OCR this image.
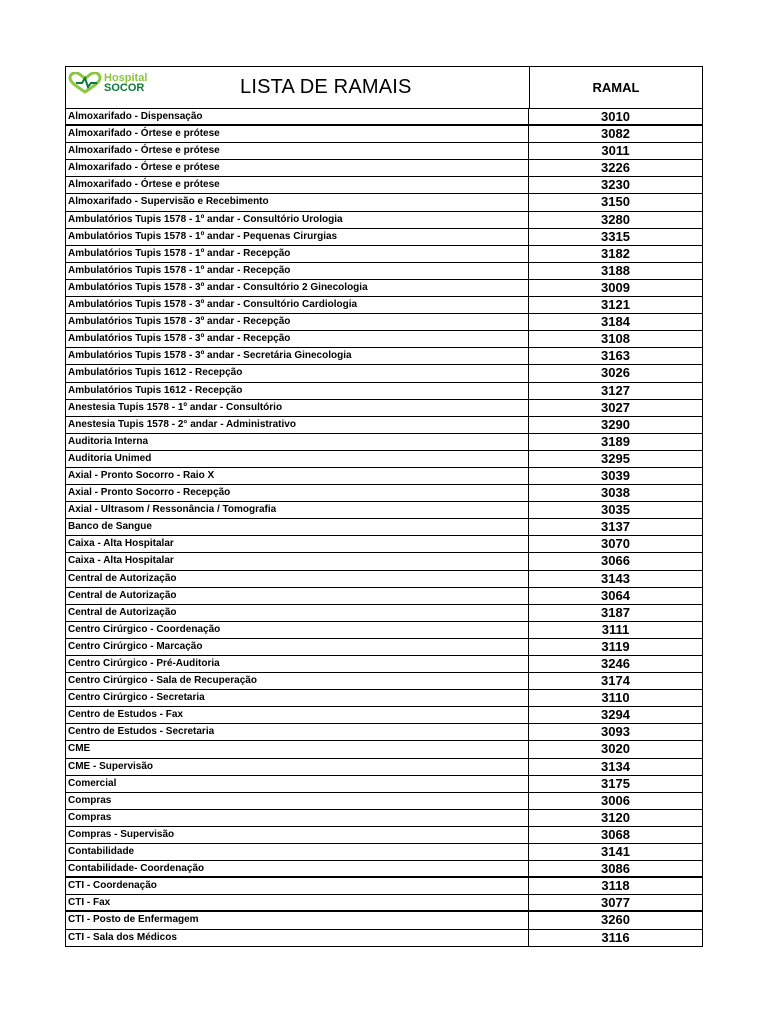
Hospital
SOCOR	LISTA DE RAMAIS	RAMAL
Almoxarifado - Dispensação	3010
Almoxarifado - Órtese e prótese	3082
Almoxarifado - Órtese e prótese	3011
Almoxarifado - Órtese e prótese	3226
Almoxarifado - Órtese e prótese	3230
Almoxarifado - Supervisão e Recebimento	3150
Ambulatórios Tupis 1578 - 1º andar - Consultório Urologia	3280
Ambulatórios Tupis 1578 - 1º andar - Pequenas Cirurgias	3315
Ambulatórios Tupis 1578 - 1º andar - Recepção	3182
Ambulatórios Tupis 1578 - 1º andar - Recepção	3188
Ambulatórios Tupis 1578 - 3º andar - Consultório 2 Ginecologia	3009
Ambulatórios Tupis 1578 - 3º andar - Consultório Cardiologia	3121
Ambulatórios Tupis 1578 - 3º andar - Recepção	3184
Ambulatórios Tupis 1578 - 3º andar - Recepção	3108
Ambulatórios Tupis 1578 - 3º andar - Secretária Ginecologia	3163
Ambulatórios Tupis 1612 - Recepção	3026
Ambulatórios Tupis 1612 - Recepção	3127
Anestesia Tupis 1578 - 1º andar - Consultório	3027
Anestesia Tupis 1578 - 2° andar - Administrativo	3290
Auditoria Interna	3189
Auditoria Unimed	3295
Axial - Pronto Socorro - Raio X	3039
Axial - Pronto Socorro - Recepção	3038
Axial - Ultrasom / Ressonância / Tomografia	3035
Banco de Sangue	3137
Caixa - Alta Hospitalar	3070
Caixa - Alta Hospitalar	3066
Central de Autorização	3143
Central de Autorização	3064
Central de Autorização	3187
Centro Cirúrgico - Coordenação	3111
Centro Cirúrgico - Marcação	3119
Centro Cirúrgico - Pré-Auditoria	3246
Centro Cirúrgico - Sala de Recuperação	3174
Centro Cirúrgico - Secretaria	3110
Centro de Estudos - Fax	3294
Centro de Estudos - Secretaria	3093
CME	3020
CME - Supervisão	3134
Comercial	3175
Compras	3006
Compras	3120
Compras - Supervisão	3068
Contabilidade	3141
Contabilidade- Coordenação	3086
CTI - Coordenação	3118
CTI - Fax	3077
CTI - Posto de Enfermagem	3260
CTI - Sala dos Médicos	3116
